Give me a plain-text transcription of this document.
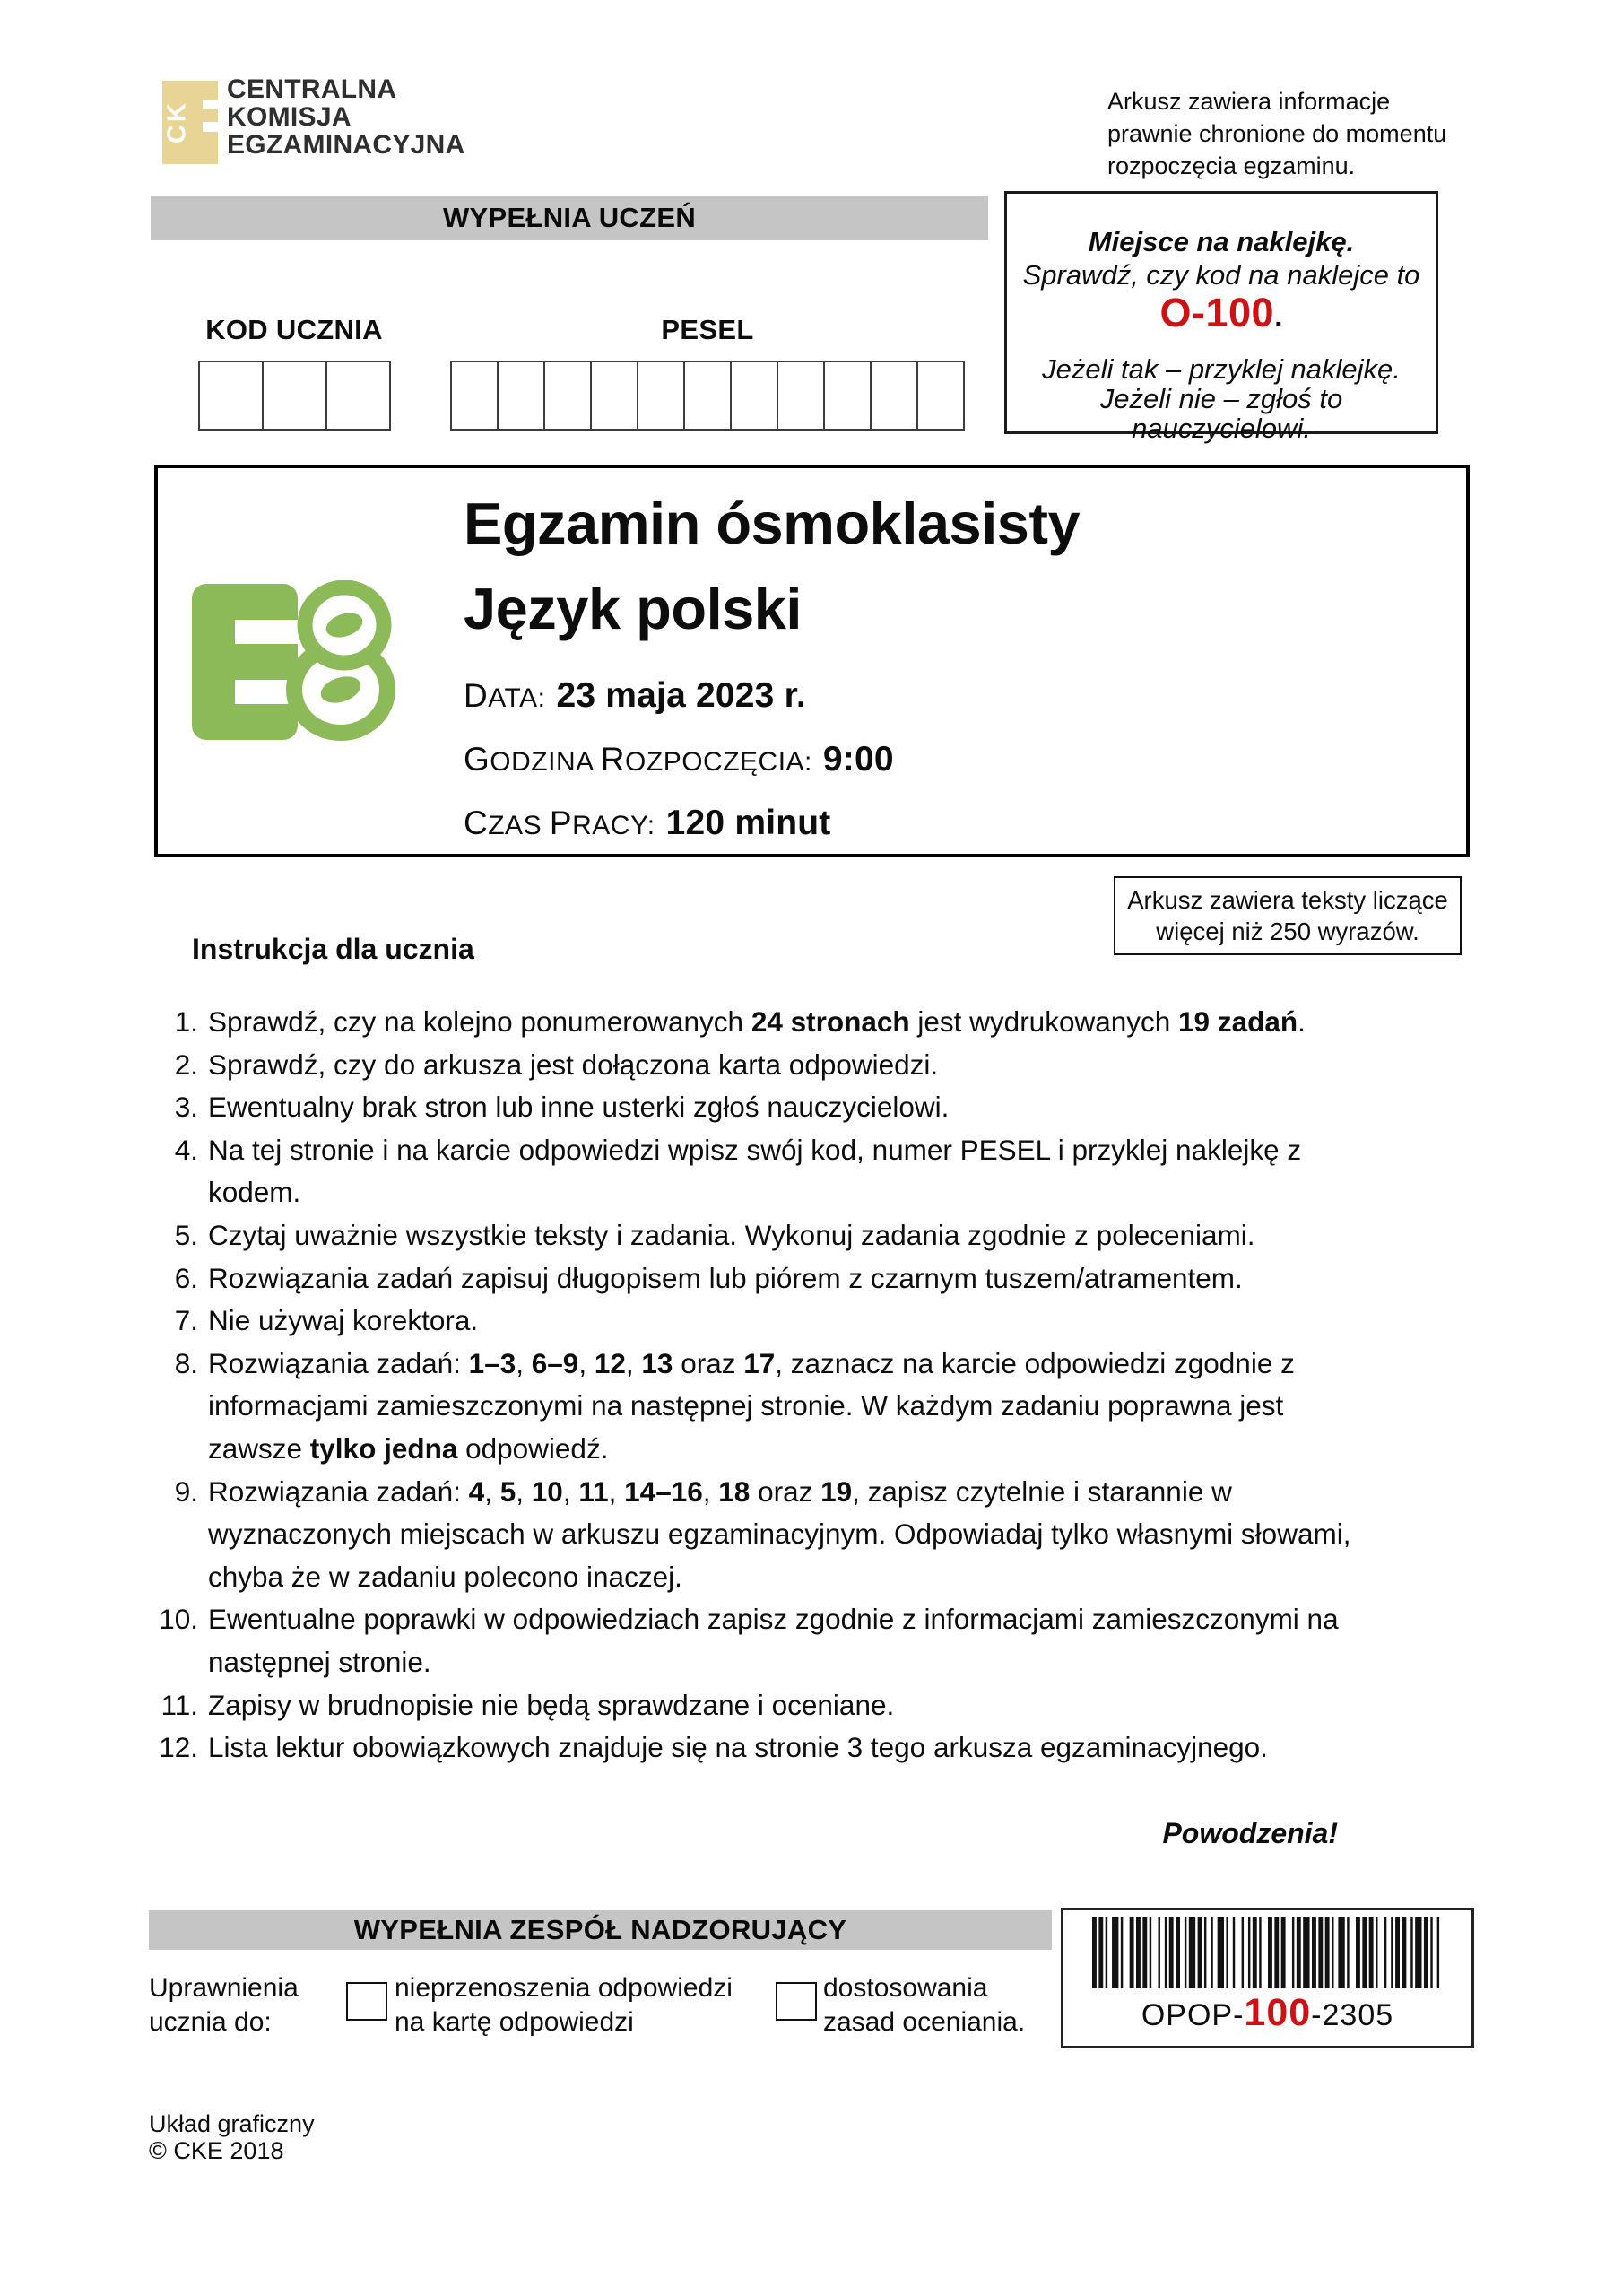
CK
CENTRALNA
KOMISJA
EGZAMINACYJNA
Arkusz zawiera informacje
prawnie chronione do momentu
rozpoczęcia egzaminu.
WYPEŁNIA UCZEŃ
KOD UCZNIA	PESEL
Miejsce na naklejkę.
Sprawdź, czy kod na naklejce to
O-100.
Jeżeli tak – przyklej naklejkę.
Jeżeli nie – zgłoś to nauczycielowi.
Egzamin ósmoklasisty
Język polski
DATA: 23 maja 2023 r.
GODZINA ROZPOCZĘCIA: 9:00
CZAS PRACY: 120 minut
Arkusz zawiera teksty liczące
więcej niż 250 wyrazów.
Instrukcja dla ucznia
1. Sprawdź, czy na kolejno ponumerowanych 24 stronach jest wydrukowanych 19 zadań.
2. Sprawdź, czy do arkusza jest dołączona karta odpowiedzi.
3. Ewentualny brak stron lub inne usterki zgłoś nauczycielowi.
4. Na tej stronie i na karcie odpowiedzi wpisz swój kod, numer PESEL i przyklej naklejkę z kodem.
5. Czytaj uważnie wszystkie teksty i zadania. Wykonuj zadania zgodnie z poleceniami.
6. Rozwiązania zadań zapisuj długopisem lub piórem z czarnym tuszem/atramentem.
7. Nie używaj korektora.
8. Rozwiązania zadań: 1–3, 6–9, 12, 13 oraz 17, zaznacz na karcie odpowiedzi zgodnie z informacjami zamieszczonymi na następnej stronie. W każdym zadaniu poprawna jest zawsze tylko jedna odpowiedź.
9. Rozwiązania zadań: 4, 5, 10, 11, 14–16, 18 oraz 19, zapisz czytelnie i starannie w wyznaczonych miejscach w arkuszu egzaminacyjnym. Odpowiadaj tylko własnymi słowami, chyba że w zadaniu polecono inaczej.
10. Ewentualne poprawki w odpowiedziach zapisz zgodnie z informacjami zamieszczonymi na następnej stronie.
11. Zapisy w brudnopisie nie będą sprawdzane i oceniane.
12. Lista lektur obowiązkowych znajduje się na stronie 3 tego arkusza egzaminacyjnego.
Powodzenia!
WYPEŁNIA ZESPÓŁ NADZORUJĄCY
Uprawnienia
ucznia do:
nieprzenoszenia odpowiedzi
na kartę odpowiedzi
dostosowania
zasad oceniania.	OPOP-100-2305
Układ graficzny
© CKE 2018
